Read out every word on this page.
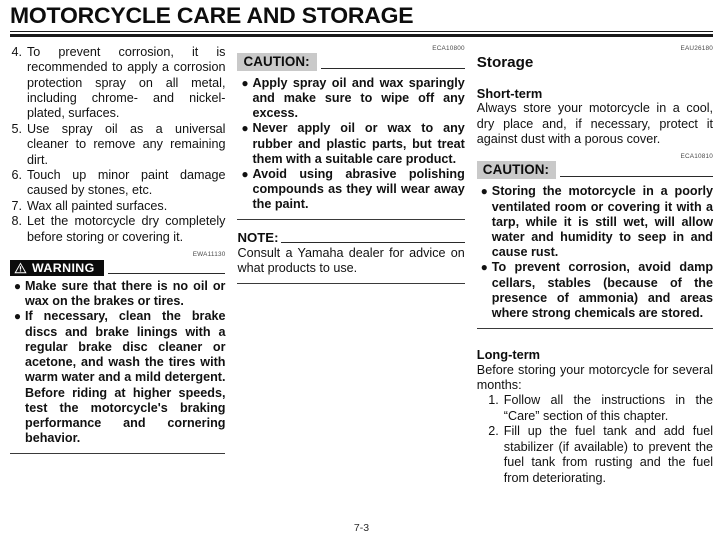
MOTORCYCLE CARE AND STORAGE
4. To prevent corrosion, it is recommended to apply a corrosion protection spray on all metal, including chrome- and nickel-plated, surfaces.
5. Use spray oil as a universal cleaner to remove any remaining dirt.
6. Touch up minor paint damage caused by stones, etc.
7. Wax all painted surfaces.
8. Let the motorcycle dry completely before storing or covering it.
EWA11130
WARNING
● Make sure that there is no oil or wax on the brakes or tires.
● If necessary, clean the brake discs and brake linings with a regular brake disc cleaner or acetone, and wash the tires with warm water and a mild detergent. Before riding at higher speeds, test the motorcycle's braking performance and cornering behavior.
ECA10800
CAUTION:
● Apply spray oil and wax sparingly and make sure to wipe off any excess.
● Never apply oil or wax to any rubber and plastic parts, but treat them with a suitable care product.
● Avoid using abrasive polishing compounds as they will wear away the paint.
NOTE:
Consult a Yamaha dealer for advice on what products to use.
EAU26180
Storage
Short-term
Always store your motorcycle in a cool, dry place and, if necessary, protect it against dust with a porous cover.
ECA10810
CAUTION:
● Storing the motorcycle in a poorly ventilated room or covering it with a tarp, while it is still wet, will allow water and humidity to seep in and cause rust.
● To prevent corrosion, avoid damp cellars, stables (because of the presence of ammonia) and areas where strong chemicals are stored.
Long-term
Before storing your motorcycle for several months:
1. Follow all the instructions in the “Care” section of this chapter.
2. Fill up the fuel tank and add fuel stabilizer (if available) to prevent the fuel tank from rusting and the fuel from deteriorating.
7-3
